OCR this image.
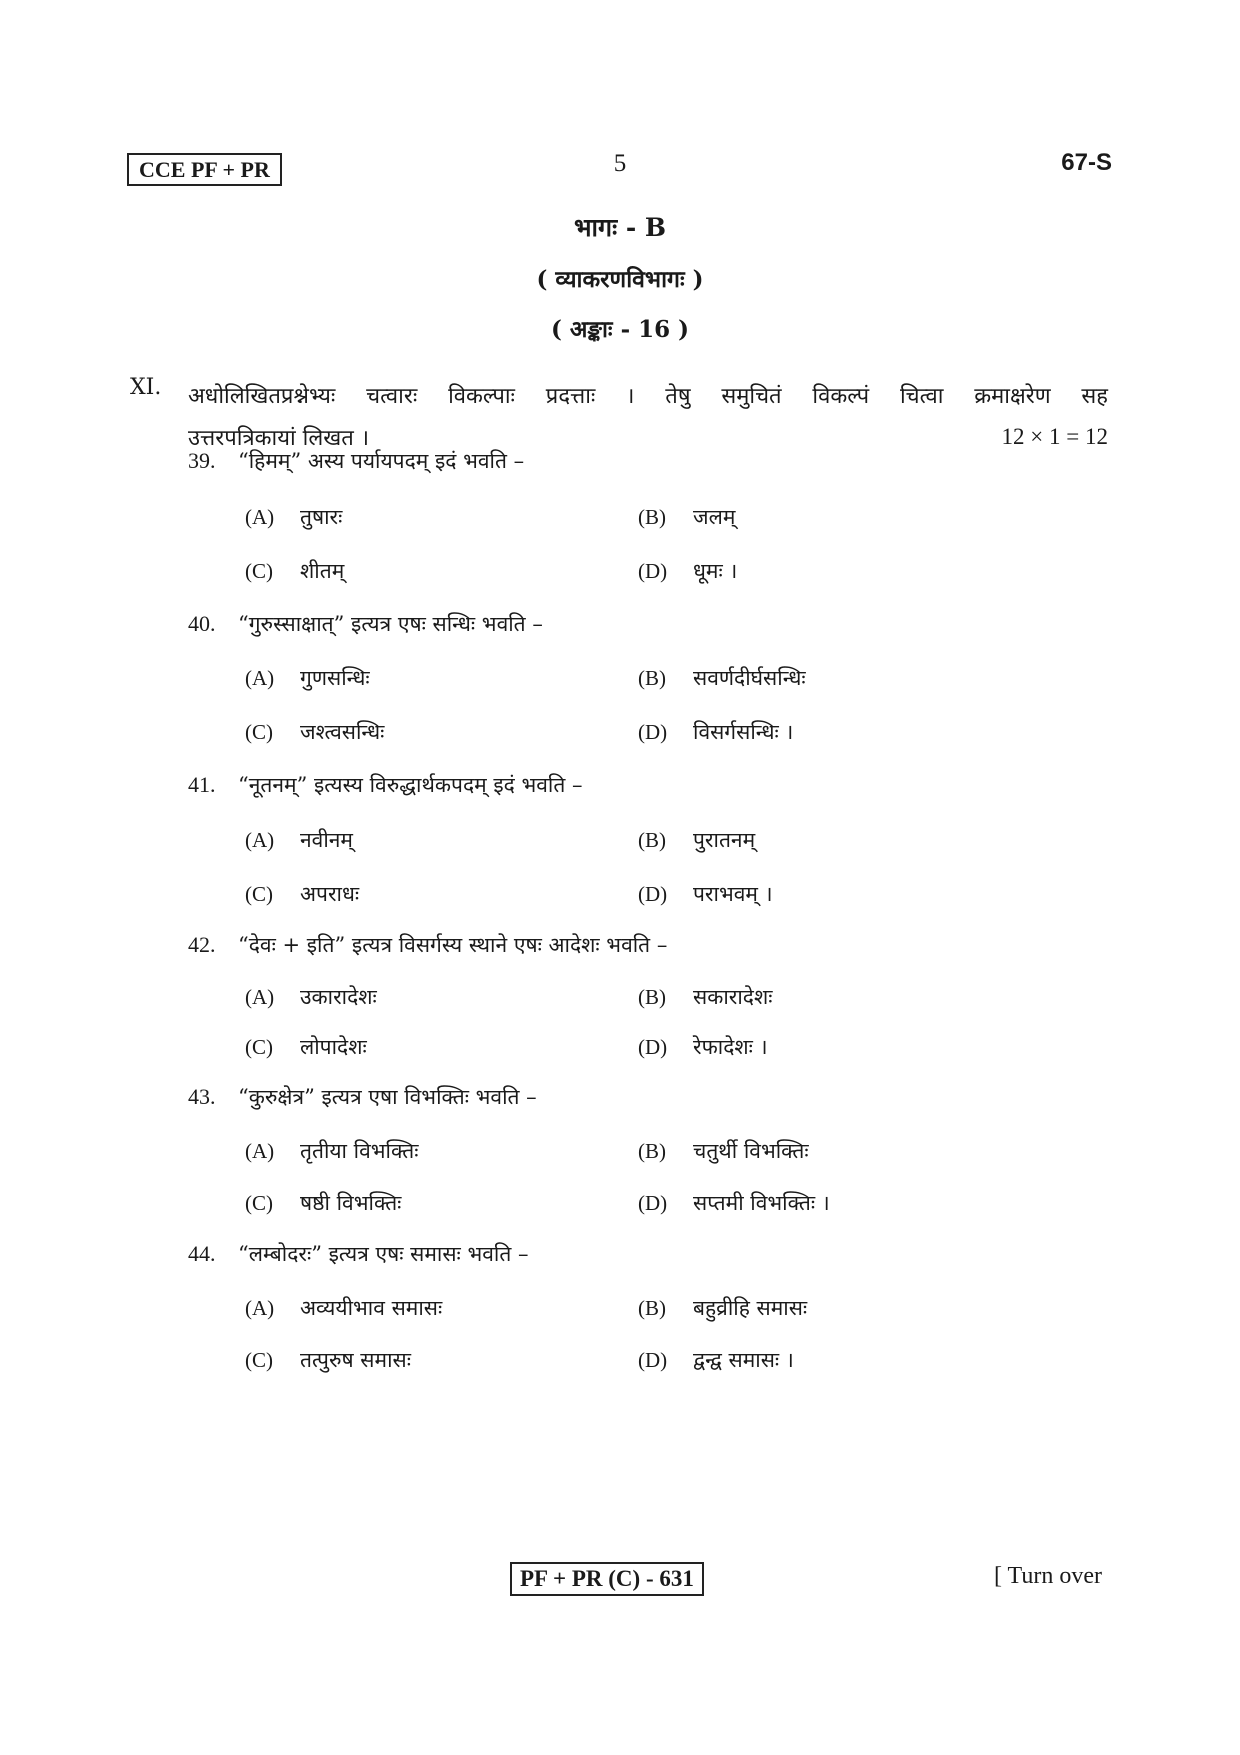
CCE PF + PR	5	67-S
भागः - B
( व्याकरणविभागः )
( अङ्काः - 16 )
XI. अधोलिखितप्रश्नेभ्यः चत्वारः विकल्पाः प्रदत्ताः । तेषु समुचितं विकल्पं चित्वा क्रमाक्षरेण सह
उत्तरपत्रिकायां लिखत ।	12 × 1 = 12
39. “हिमम्” अस्य पर्यायपदम् इदं भवति –
(A) तुषारः	(B) जलम्
(C) शीतम्	(D) धूमः ।
40. “गुरुस्साक्षात्” इत्यत्र एषः सन्धिः भवति –
(A) गुणसन्धिः	(B) सवर्णदीर्घसन्धिः
(C) जश्त्वसन्धिः	(D) विसर्गसन्धिः ।
41. “नूतनम्” इत्यस्य विरुद्धार्थकपदम् इदं भवति –
(A) नवीनम्	(B) पुरातनम्
(C) अपराधः	(D) पराभवम् ।
42. “देवः + इति” इत्यत्र विसर्गस्य स्थाने एषः आदेशः भवति –
(A) उकारादेशः	(B) सकारादेशः
(C) लोपादेशः	(D) रेफादेशः ।
43. “कुरुक्षेत्र” इत्यत्र एषा विभक्तिः भवति –
(A) तृतीया विभक्तिः	(B) चतुर्थी विभक्तिः
(C) षष्ठी विभक्तिः	(D) सप्तमी विभक्तिः ।
44. “लम्बोदरः” इत्यत्र एषः समासः भवति –
(A) अव्ययीभाव समासः	(B) बहुव्रीहि समासः
(C) तत्पुरुष समासः	(D) द्वन्द्व समासः ।
PF + PR (C) - 631	[ Turn over
